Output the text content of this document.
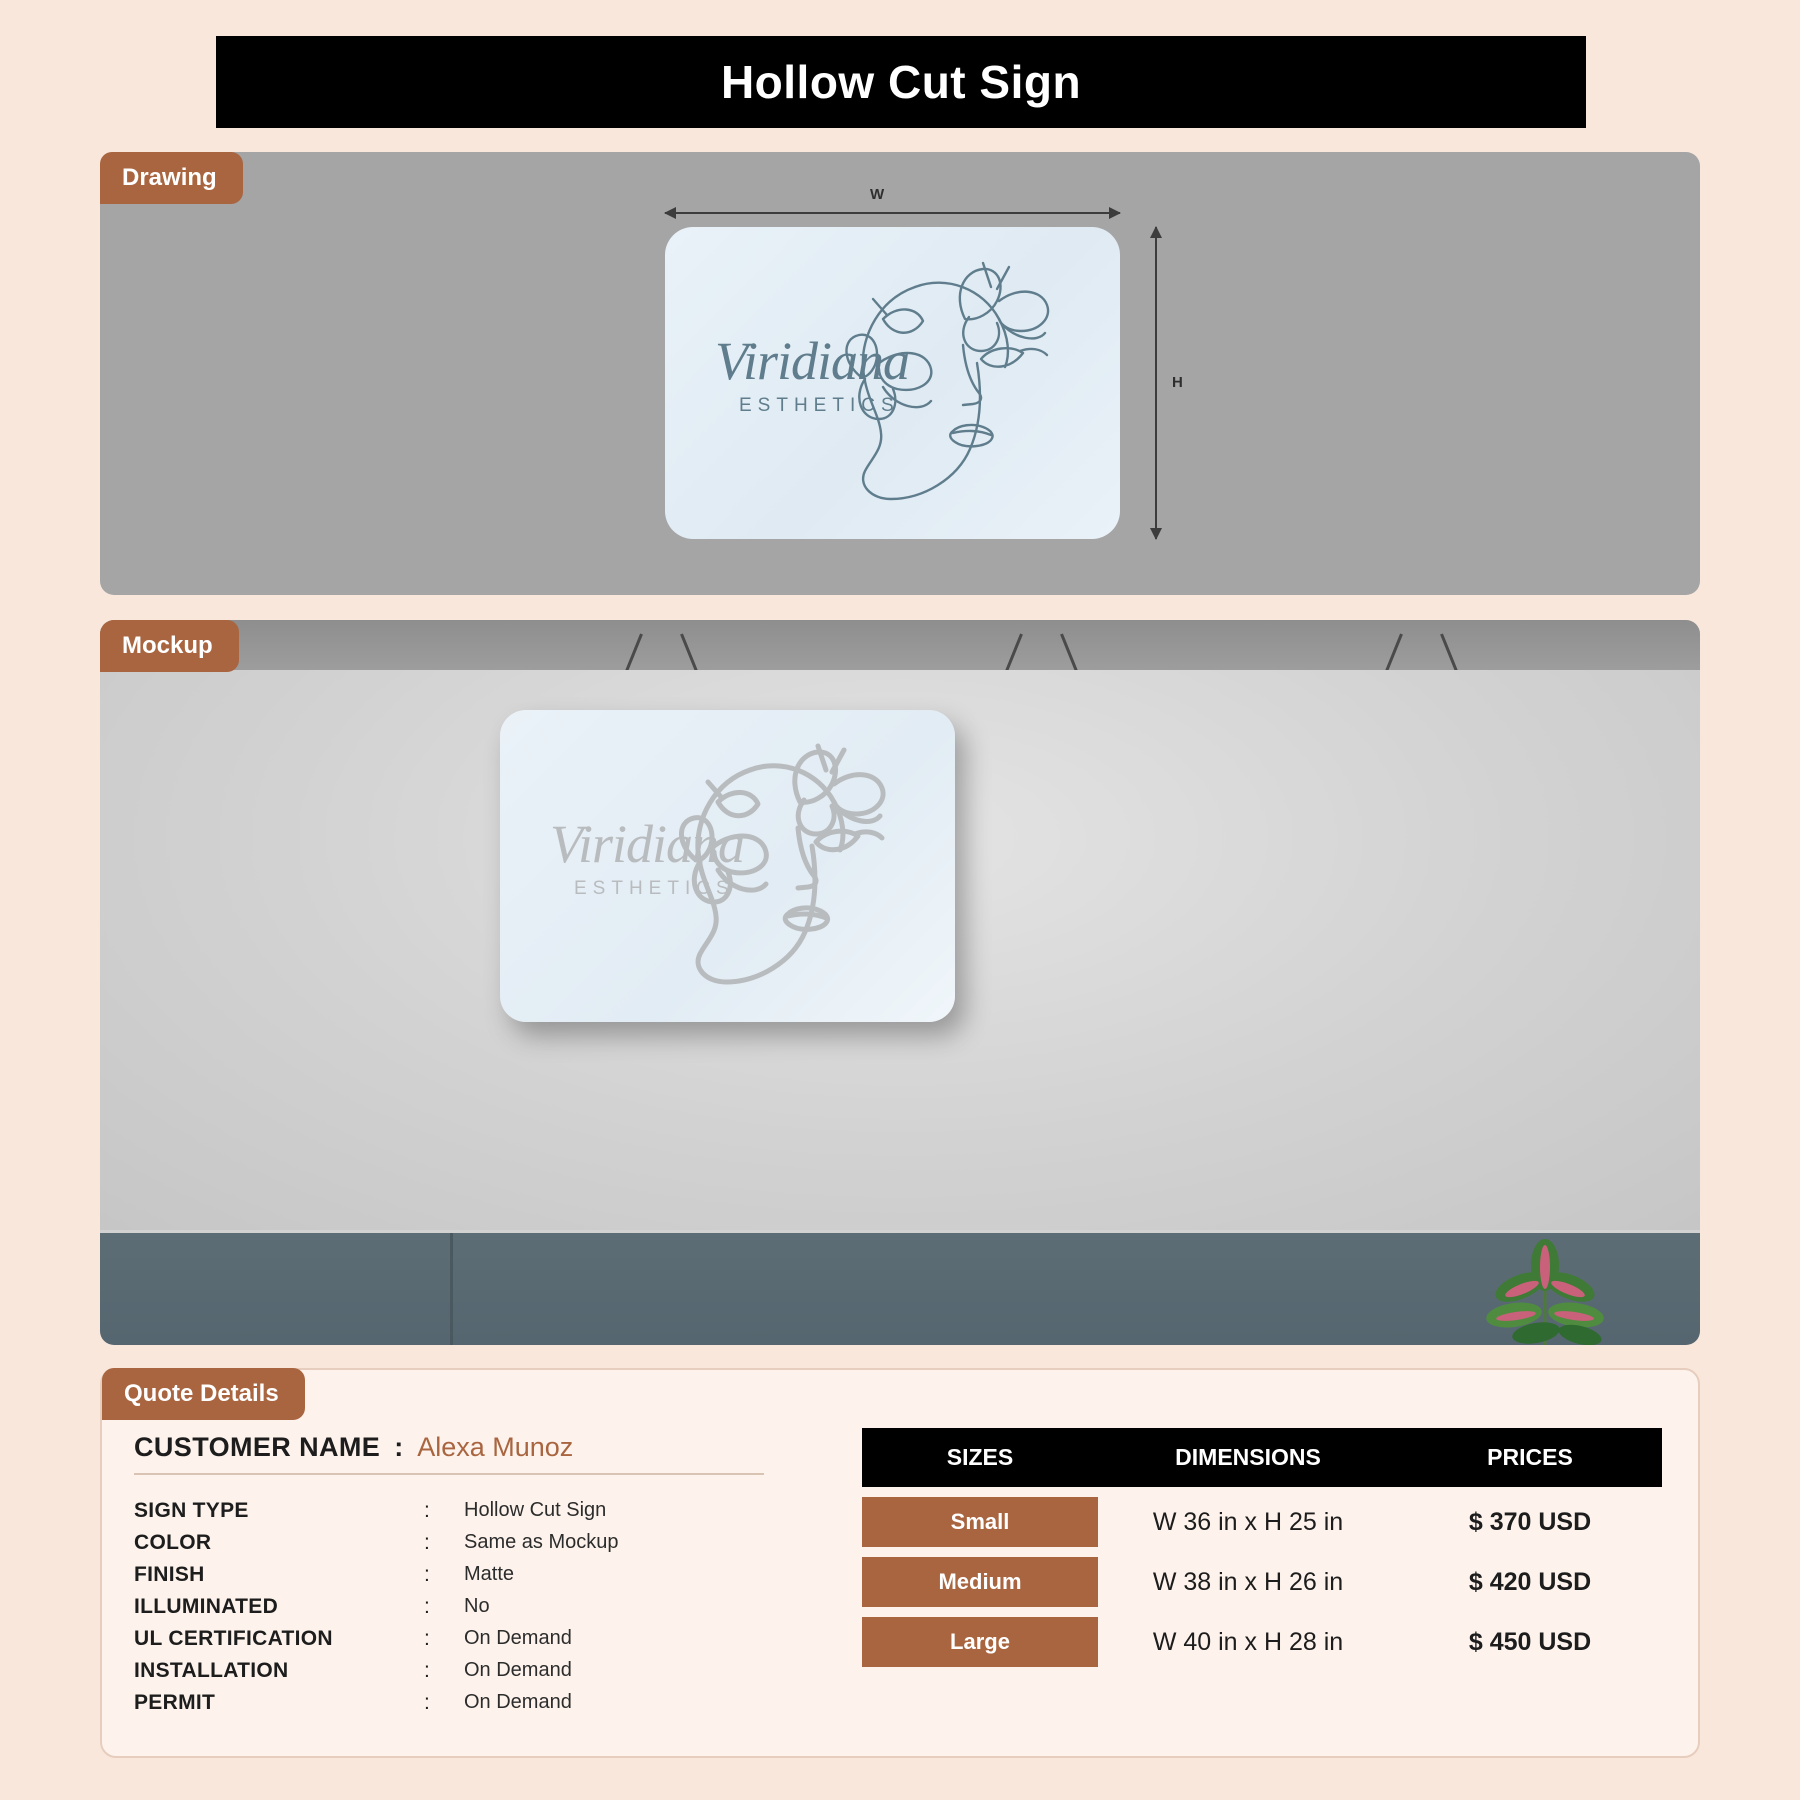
Hollow Cut Sign
Drawing
W
H
Viridiana
ESTHETICS
Mockup
Viridiana
ESTHETICS
Quote Details
CUSTOMER NAME : Alexa Munoz
SIGN TYPE	:	Hollow Cut Sign
COLOR	:	Same as Mockup
FINISH	:	Matte
ILLUMINATED	:	No
UL CERTIFICATION	:	On Demand
INSTALLATION	:	On Demand
PERMIT	:	On Demand
SIZES	DIMENSIONS	PRICES
Small	W 36 in x H 25 in	$ 370 USD
Medium	W 38 in x H 26 in	$ 420 USD
Large	W 40 in x H 28 in	$ 450 USD
